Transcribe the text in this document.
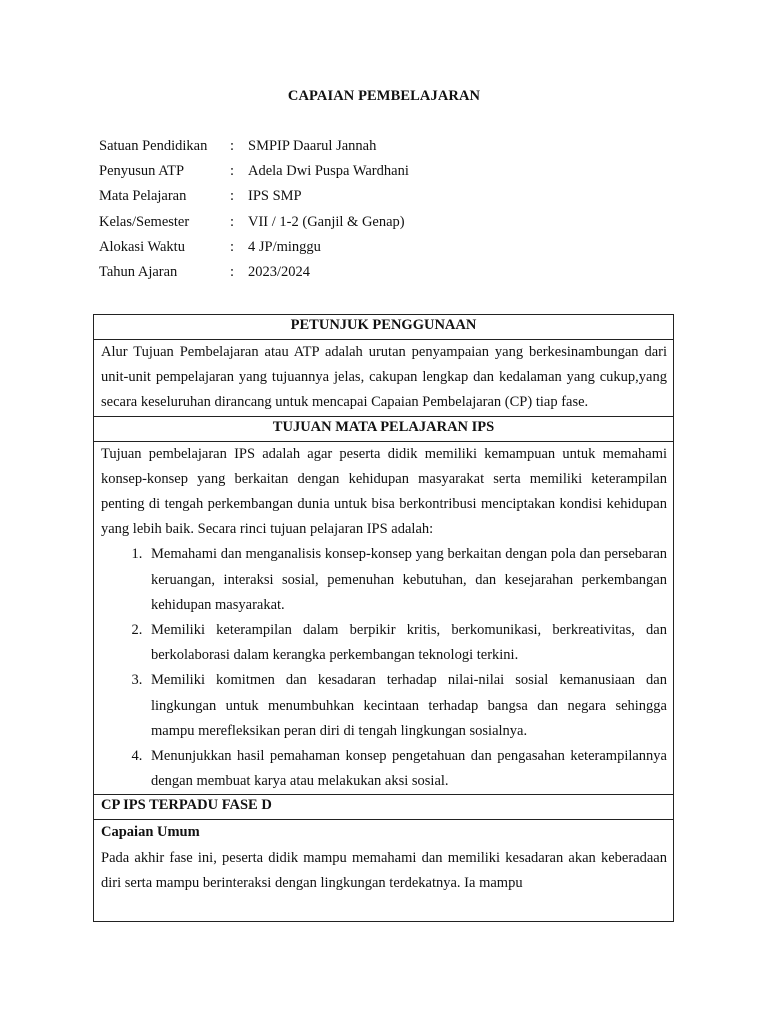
CAPAIAN PEMBELAJARAN
Satuan Pendidikan	: SMPIP Daarul Jannah
Penyusun ATP	: Adela Dwi Puspa Wardhani
Mata Pelajaran	: IPS SMP
Kelas/Semester	: VII / 1-2 (Ganjil & Genap)
Alokasi Waktu	: 4 JP/minggu
Tahun Ajaran	: 2023/2024
PETUNJUK PENGGUNAAN

Alur Tujuan Pembelajaran atau ATP adalah urutan penyampaian yang berkesinambungan dari unit-unit pempelajaran yang tujuannya jelas, cakupan lengkap dan kedalaman yang cukup,yang secara keseluruhan dirancang untuk mencapai Capaian Pembelajaran (CP) tiap fase.

TUJUAN MATA PELAJARAN IPS

Tujuan pembelajaran IPS adalah agar peserta didik memiliki kemampuan untuk memahami konsep-konsep yang berkaitan dengan kehidupan masyarakat serta memiliki keterampilan penting di tengah perkembangan dunia untuk bisa berkontribusi menciptakan kondisi kehidupan yang lebih baik. Secara rinci tujuan pelajaran IPS adalah:

1. Memahami dan menganalisis konsep-konsep yang berkaitan dengan pola dan persebaran keruangan, interaksi sosial, pemenuhan kebutuhan, dan kesejarahan perkembangan kehidupan masyarakat.
2. Memiliki keterampilan dalam berpikir kritis, berkomunikasi, berkreativitas, dan berkolaborasi dalam kerangka perkembangan teknologi terkini.
3. Memiliki komitmen dan kesadaran terhadap nilai-nilai sosial kemanusiaan dan lingkungan untuk menumbuhkan kecintaan terhadap bangsa dan negara sehingga mampu merefleksikan peran diri di tengah lingkungan sosialnya.
4. Menunjukkan hasil pemahaman konsep pengetahuan dan pengasahan keterampilannya dengan membuat karya atau melakukan aksi sosial.
CP IPS TERPADU FASE D

Capaian Umum

Pada akhir fase ini, peserta didik mampu memahami dan memiliki kesadaran akan keberadaan diri serta mampu berinteraksi dengan lingkungan terdekatnya. Ia mampu
